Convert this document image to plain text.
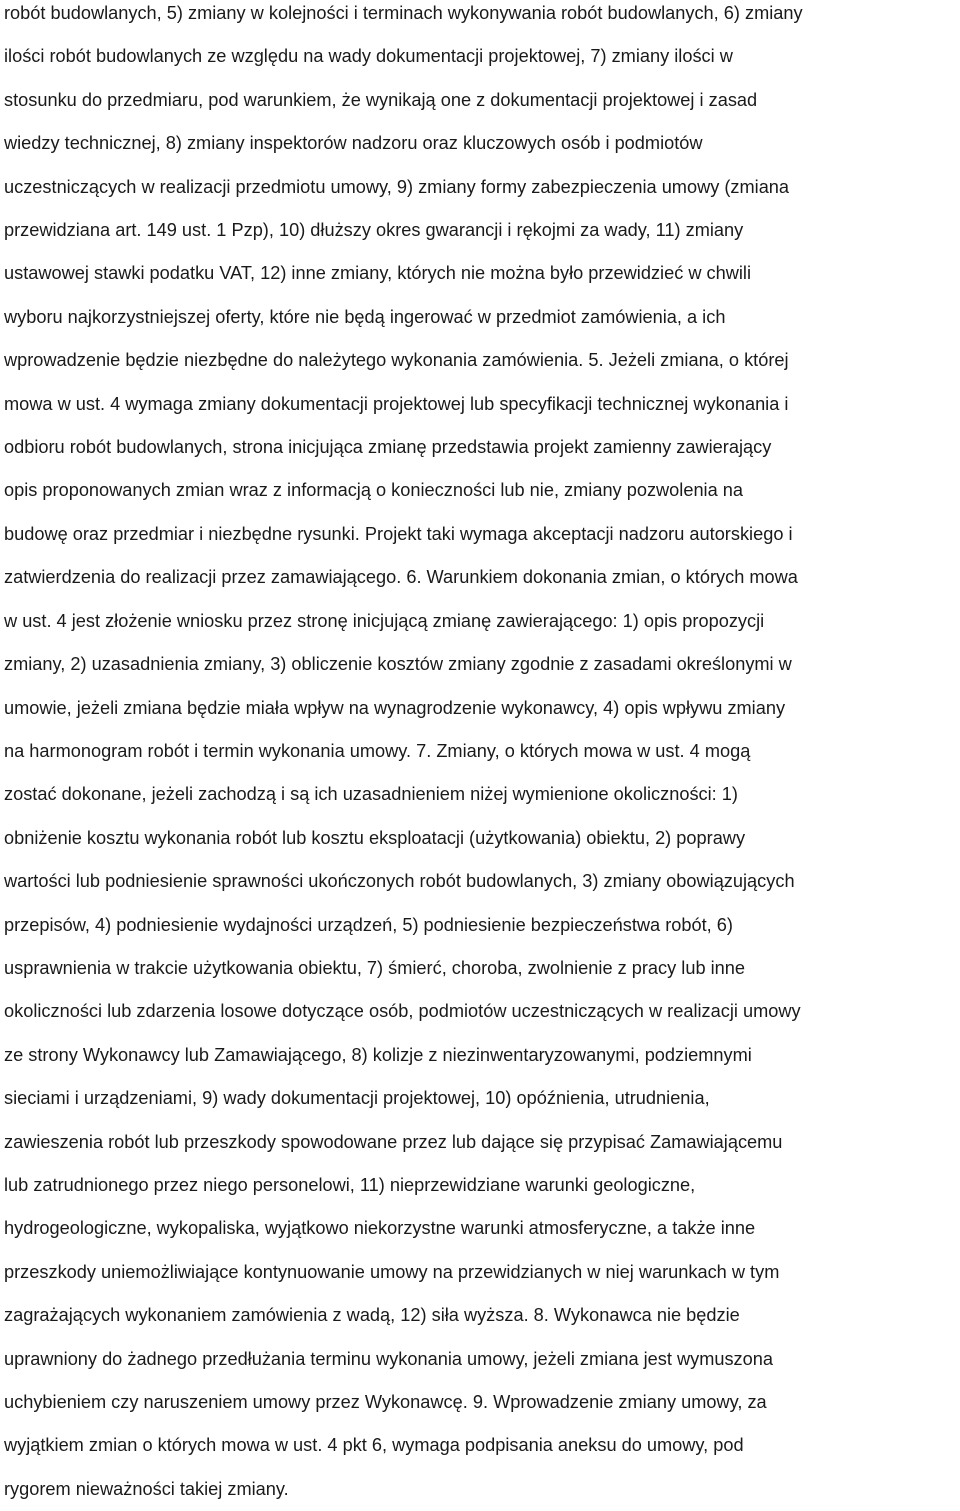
robót budowlanych, 5) zmiany w kolejności i terminach wykonywania robót budowlanych, 6) zmiany
ilości robót budowlanych ze względu na wady dokumentacji projektowej, 7) zmiany ilości w
stosunku do przedmiaru, pod warunkiem, że wynikają one z dokumentacji projektowej i zasad
wiedzy technicznej, 8) zmiany inspektorów nadzoru oraz kluczowych osób i podmiotów
uczestniczących w realizacji przedmiotu umowy, 9) zmiany formy zabezpieczenia umowy (zmiana
przewidziana art. 149 ust. 1 Pzp), 10) dłuższy okres gwarancji i rękojmi za wady, 11) zmiany
ustawowej stawki podatku VAT, 12) inne zmiany, których nie można było przewidzieć w chwili
wyboru najkorzystniejszej oferty, które nie będą ingerować w przedmiot zamówienia, a ich
wprowadzenie będzie niezbędne do należytego wykonania zamówienia. 5. Jeżeli zmiana, o której
mowa w ust. 4 wymaga zmiany dokumentacji projektowej lub specyfikacji technicznej wykonania i
odbioru robót budowlanych, strona inicjująca zmianę przedstawia projekt zamienny zawierający
opis proponowanych zmian wraz z informacją o konieczności lub nie, zmiany pozwolenia na
budowę oraz przedmiar i niezbędne rysunki. Projekt taki wymaga akceptacji nadzoru autorskiego i
zatwierdzenia do realizacji przez zamawiającego. 6. Warunkiem dokonania zmian, o których mowa
w ust. 4 jest złożenie wniosku przez stronę inicjującą zmianę zawierającego: 1) opis propozycji
zmiany, 2) uzasadnienia zmiany, 3) obliczenie kosztów zmiany zgodnie z zasadami określonymi w
umowie, jeżeli zmiana będzie miała wpływ na wynagrodzenie wykonawcy, 4) opis wpływu zmiany
na harmonogram robót i termin wykonania umowy. 7. Zmiany, o których mowa w ust. 4 mogą
zostać dokonane, jeżeli zachodzą i są ich uzasadnieniem niżej wymienione okoliczności: 1)
obniżenie kosztu wykonania robót lub kosztu eksploatacji (użytkowania) obiektu, 2) poprawy
wartości lub podniesienie sprawności ukończonych robót budowlanych, 3) zmiany obowiązujących
przepisów, 4) podniesienie wydajności urządzeń, 5) podniesienie bezpieczeństwa robót, 6)
usprawnienia w trakcie użytkowania obiektu, 7) śmierć, choroba, zwolnienie z pracy lub inne
okoliczności lub zdarzenia losowe dotyczące osób, podmiotów uczestniczących w realizacji umowy
ze strony Wykonawcy lub Zamawiającego, 8) kolizje z niezinwentaryzowanymi, podziemnymi
sieciami i urządzeniami, 9) wady dokumentacji projektowej, 10) opóźnienia, utrudnienia,
zawieszenia robót lub przeszkody spowodowane przez lub dające się przypisać Zamawiającemu
lub zatrudnionego przez niego personelowi, 11) nieprzewidziane warunki geologiczne,
hydrogeologiczne, wykopaliska, wyjątkowo niekorzystne warunki atmosferyczne, a także inne
przeszkody uniemożliwiające kontynuowanie umowy na przewidzianych w niej warunkach w tym
zagrażających wykonaniem zamówienia z wadą, 12) siła wyższa. 8. Wykonawca nie będzie
uprawniony do żadnego przedłużania terminu wykonania umowy, jeżeli zmiana jest wymuszona
uchybieniem czy naruszeniem umowy przez Wykonawcę. 9. Wprowadzenie zmiany umowy, za
wyjątkiem zmian o których mowa w ust. 4 pkt 6, wymaga podpisania aneksu do umowy, pod
rygorem nieważności takiej zmiany.
